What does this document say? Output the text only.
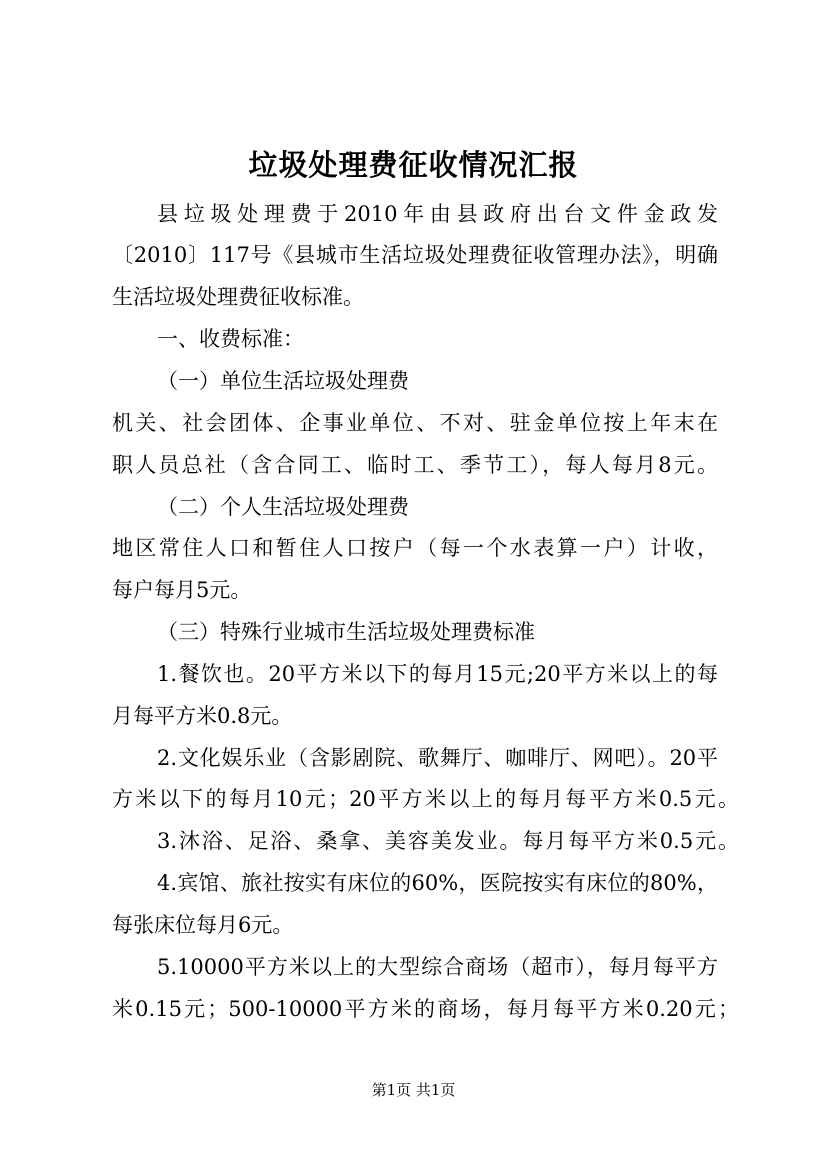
垃圾处理费征收情况汇报
县垃圾处理费于2010年由县政府出台文件金政发
〔2010〕117号《县城市生活垃圾处理费征收管理办法》，明确
生活垃圾处理费征收标准。
一、收费标准：
（一）单位生活垃圾处理费
机关、社会团体、企事业单位、不对、驻金单位按上年末在
职人员总社（含合同工、临时工、季节工），每人每月8元。
（二）个人生活垃圾处理费
地区常住人口和暂住人口按户（每一个水表算一户）计收，
每户每月5元。
（三）特殊行业城市生活垃圾处理费标准
1.餐饮也。20平方米以下的每月15元;20平方米以上的每
月每平方米0.8元。
2.文化娱乐业（含影剧院、歌舞厅、咖啡厅、网吧）。20平
方米以下的每月10元；20平方米以上的每月每平方米0.5元。
3.沐浴、足浴、桑拿、美容美发业。每月每平方米0.5元。
4.宾馆、旅社按实有床位的60%，医院按实有床位的80%，
每张床位每月6元。
5.10000平方米以上的大型综合商场（超市），每月每平方
米0.15元；500-10000平方米的商场，每月每平方米0.20元；
第1页 共1页
